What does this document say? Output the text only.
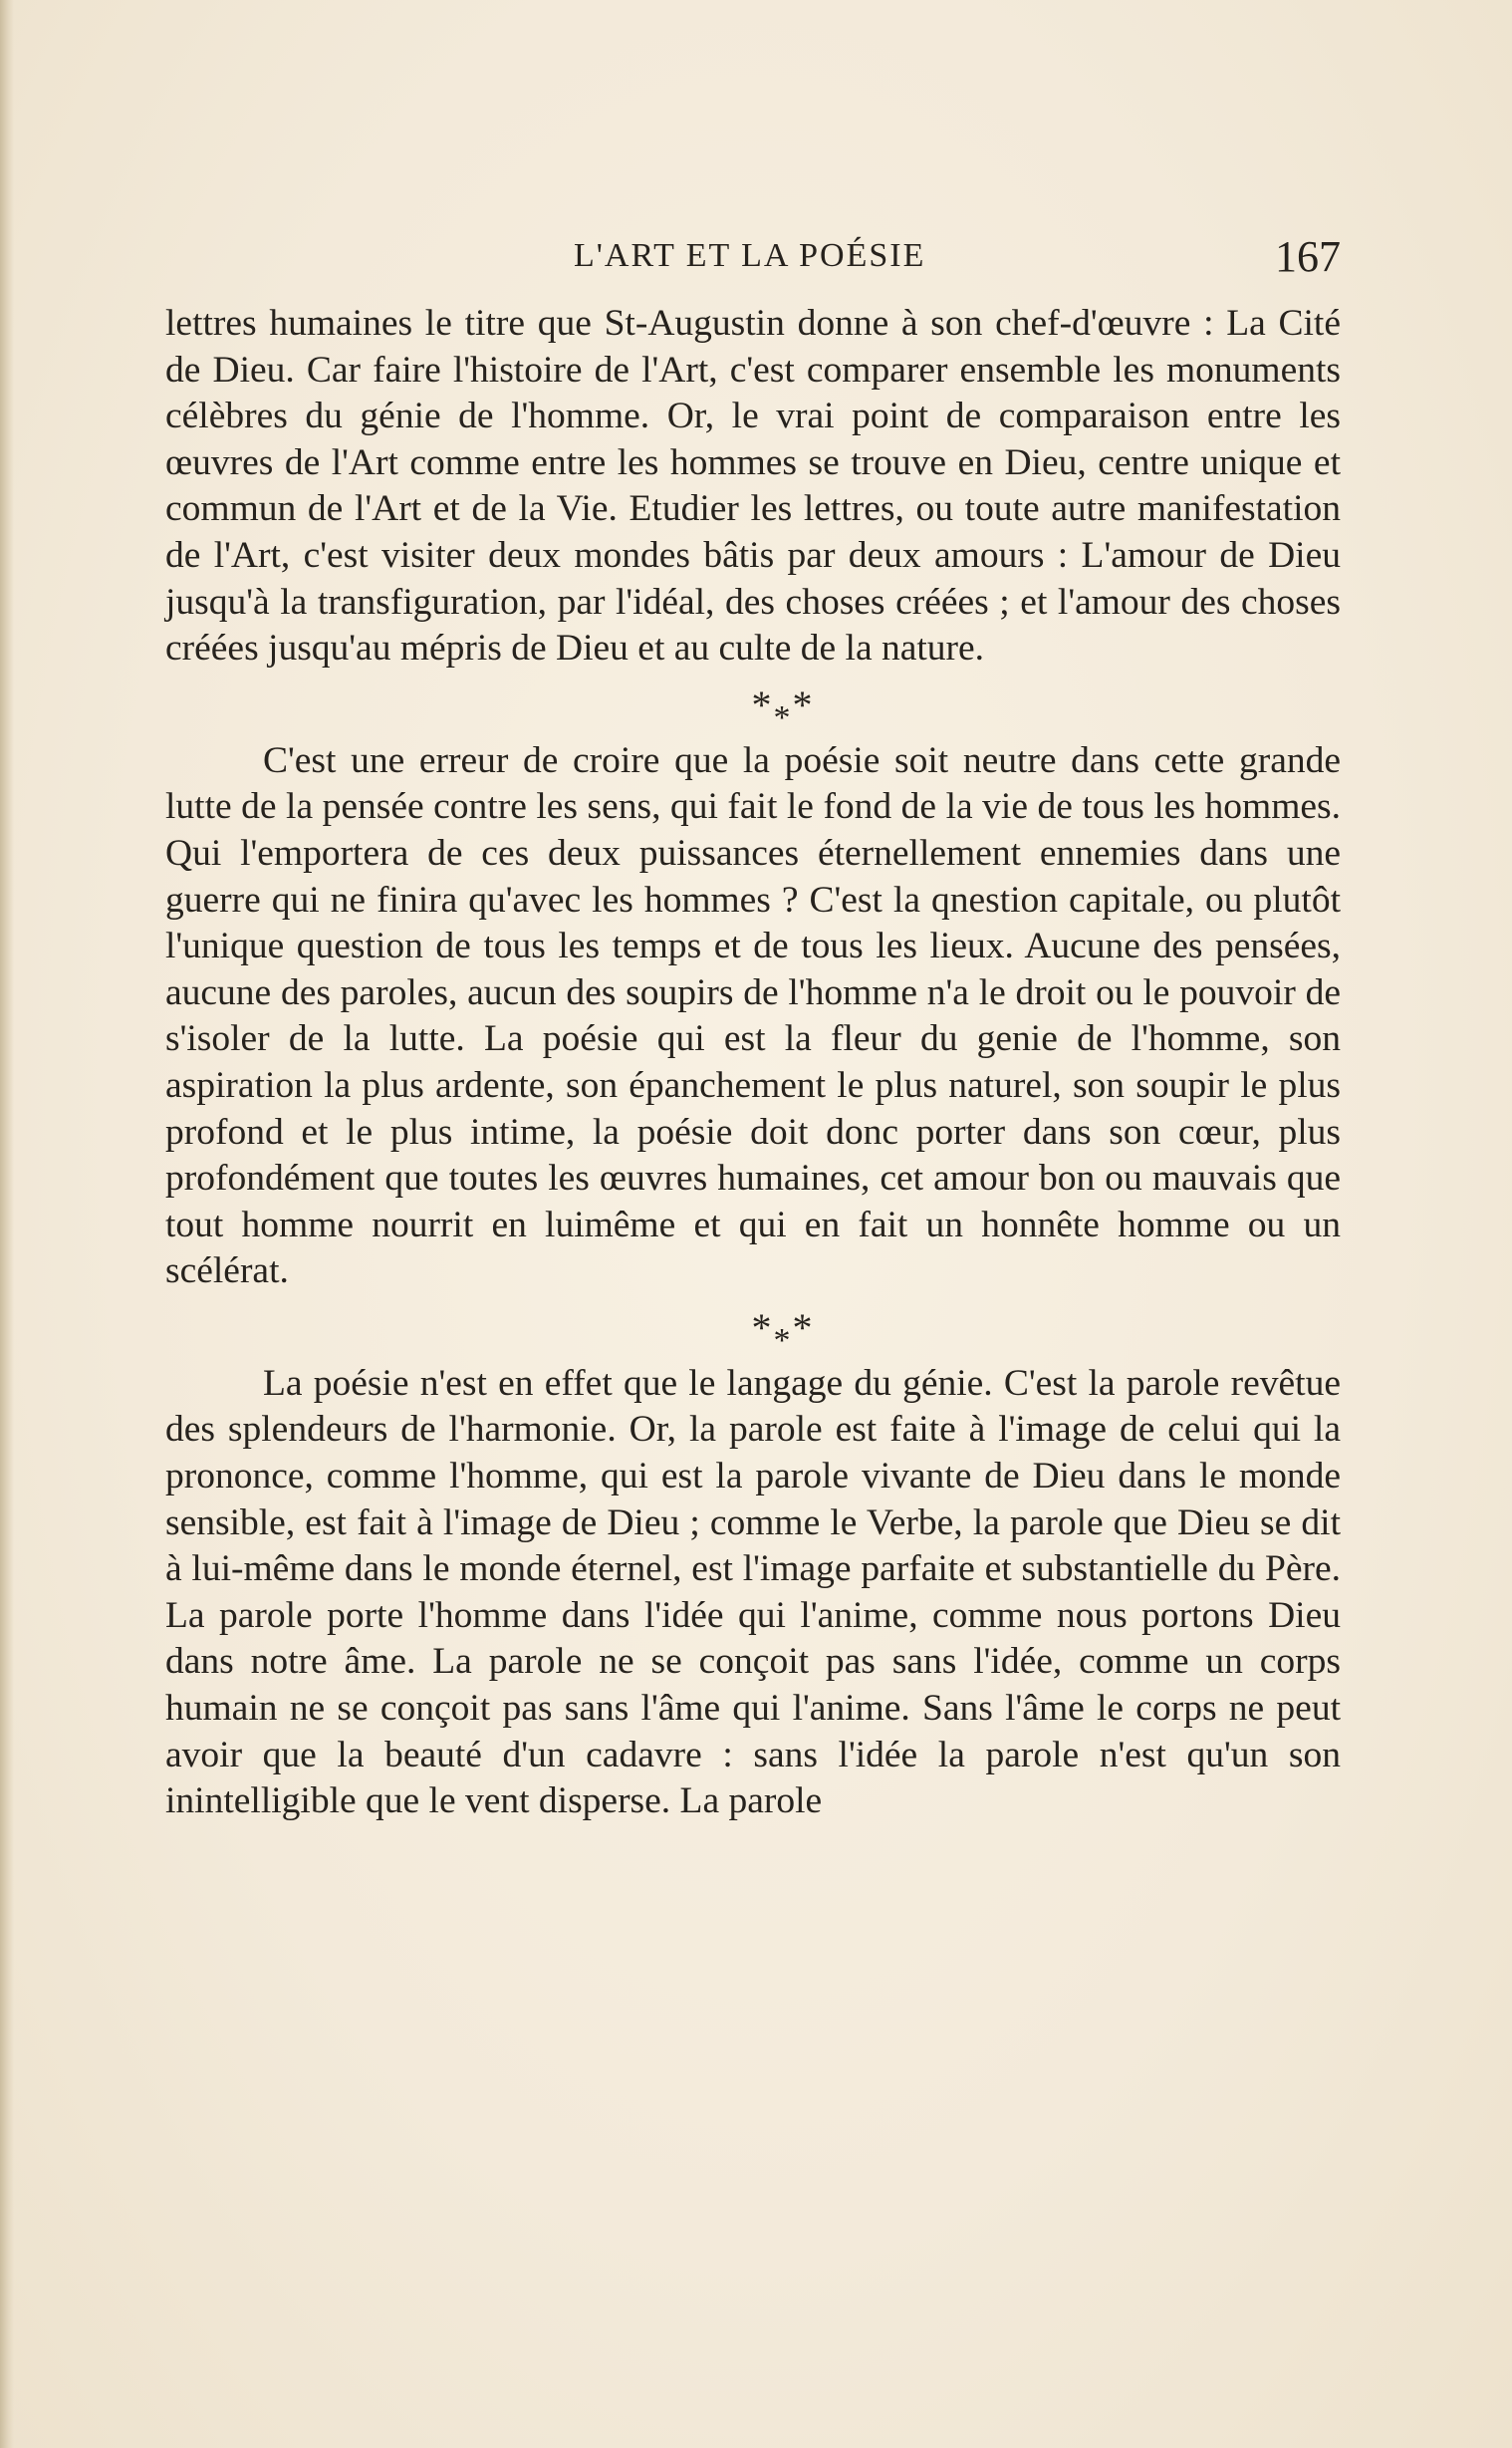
L'ART ET LA POÉSIE	167

lettres humaines le titre que St-Augustin donne à son chef-d'œuvre : La Cité de Dieu. Car faire l'histoire de l'Art, c'est comparer ensemble les monuments célèbres du génie de l'homme. Or, le vrai point de comparaison entre les œuvres de l'Art comme entre les hommes se trouve en Dieu, centre unique et commun de l'Art et de la Vie. Etudier les lettres, ou toute autre manifestation de l'Art, c'est visiter deux mondes bâtis par deux amours : L'amour de Dieu jusqu'à la transfiguration, par l'idéal, des choses créées ; et l'amour des choses créées jusqu'au mépris de Dieu et au culte de la nature.

$*_**$

C'est une erreur de croire que la poésie soit neutre dans cette grande lutte de la pensée contre les sens, qui fait le fond de la vie de tous les hommes. Qui l'emportera de ces deux puissances éternellement ennemies dans une guerre qui ne finira qu'avec les hommes ? C'est la qnestion capitale, ou plutôt l'unique question de tous les temps et de tous les lieux. Aucune des pensées, aucune des paroles, aucun des soupirs de l'homme n'a le droit ou le pouvoir de s'isoler de la lutte. La poésie qui est la fleur du genie de l'homme, son aspiration la plus ardente, son épanchement le plus naturel, son soupir le plus profond et le plus intime, la poésie doit donc porter dans son cœur, plus profondément que toutes les œuvres humaines, cet amour bon ou mauvais que tout homme nourrit en luimême et qui en fait un honnête homme ou un scélérat.

$*_**$

La poésie n'est en effet que le langage du génie. C'est la parole revêtue des splendeurs de l'harmonie. Or, la parole est faite à l'image de celui qui la prononce, comme l'homme, qui est la parole vivante de Dieu dans le monde sensible, est fait à l'image de Dieu ; comme le Verbe, la parole que Dieu se dit à lui-même dans le monde éternel, est l'image parfaite et substantielle du Père. La parole porte l'homme dans l'idée qui l'anime, comme nous portons Dieu dans notre âme. La parole ne se conçoit pas sans l'idée, comme un corps humain ne se conçoit pas sans l'âme qui l'anime. Sans l'âme le corps ne peut avoir que la beauté d'un cadavre : sans l'idée la parole n'est qu'un son inintelligible que le vent disperse. La parole
